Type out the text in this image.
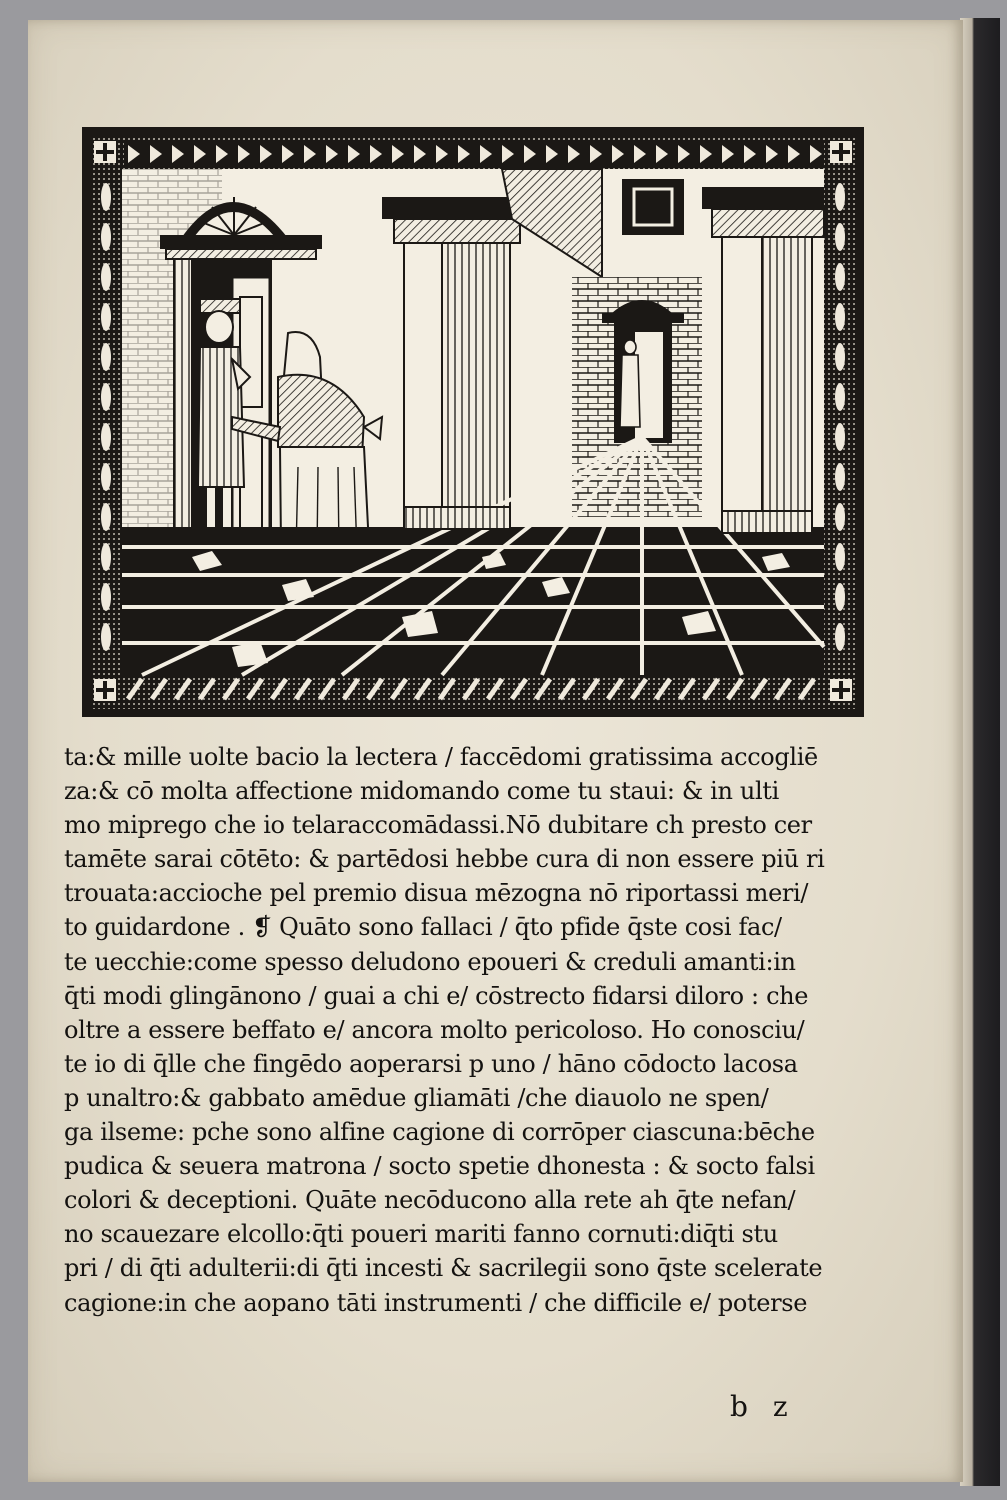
ta:& mille uolte bacio la lectera / faccēdomi gratissima accogliē
za:& cō molta affectione midomando come tu staui: & in ulti
mo miprego che io telaraccomādassi.Nō dubitare ch presto cer
tamēte sarai cōtēto: & partēdosi hebbe cura di non essere piū ri
trouata:accioche pel premio disua mēzogna nō riportassi meri/
to guidardone . ❡ Quāto sono fallaci / q̄to pfide q̄ste cosi fac/
te uecchie:come spesso deludono epoueri & creduli amanti:in
q̄ti modi glingānono / guai a chi e/ cōstrecto fidarsi diloro : che
oltre a essere beffato e/ ancora molto pericoloso. Ho conosciu/
te io di q̄lle che fingēdo aoperarsi p uno / hāno cōdocto lacosa
p unaltro:& gabbato amēdue gliamāti /che diauolo ne spen/
ga ilseme: pche sono alfine cagione di corrōper ciascuna:bēche
pudica & seuera matrona / socto spetie dhonesta : & socto falsi
colori & deceptioni. Quāte necōducono alla rete ah q̄te nefan/
no scauezare elcollo:q̄ti poueri mariti fanno cornuti:diq̄ti stu
pri / di q̄ti adulterii:di q̄ti incesti & sacrilegii sono q̄ste scelerate
cagione:in che aopano tāti instrumenti / che difficile e/ poterse
b z
